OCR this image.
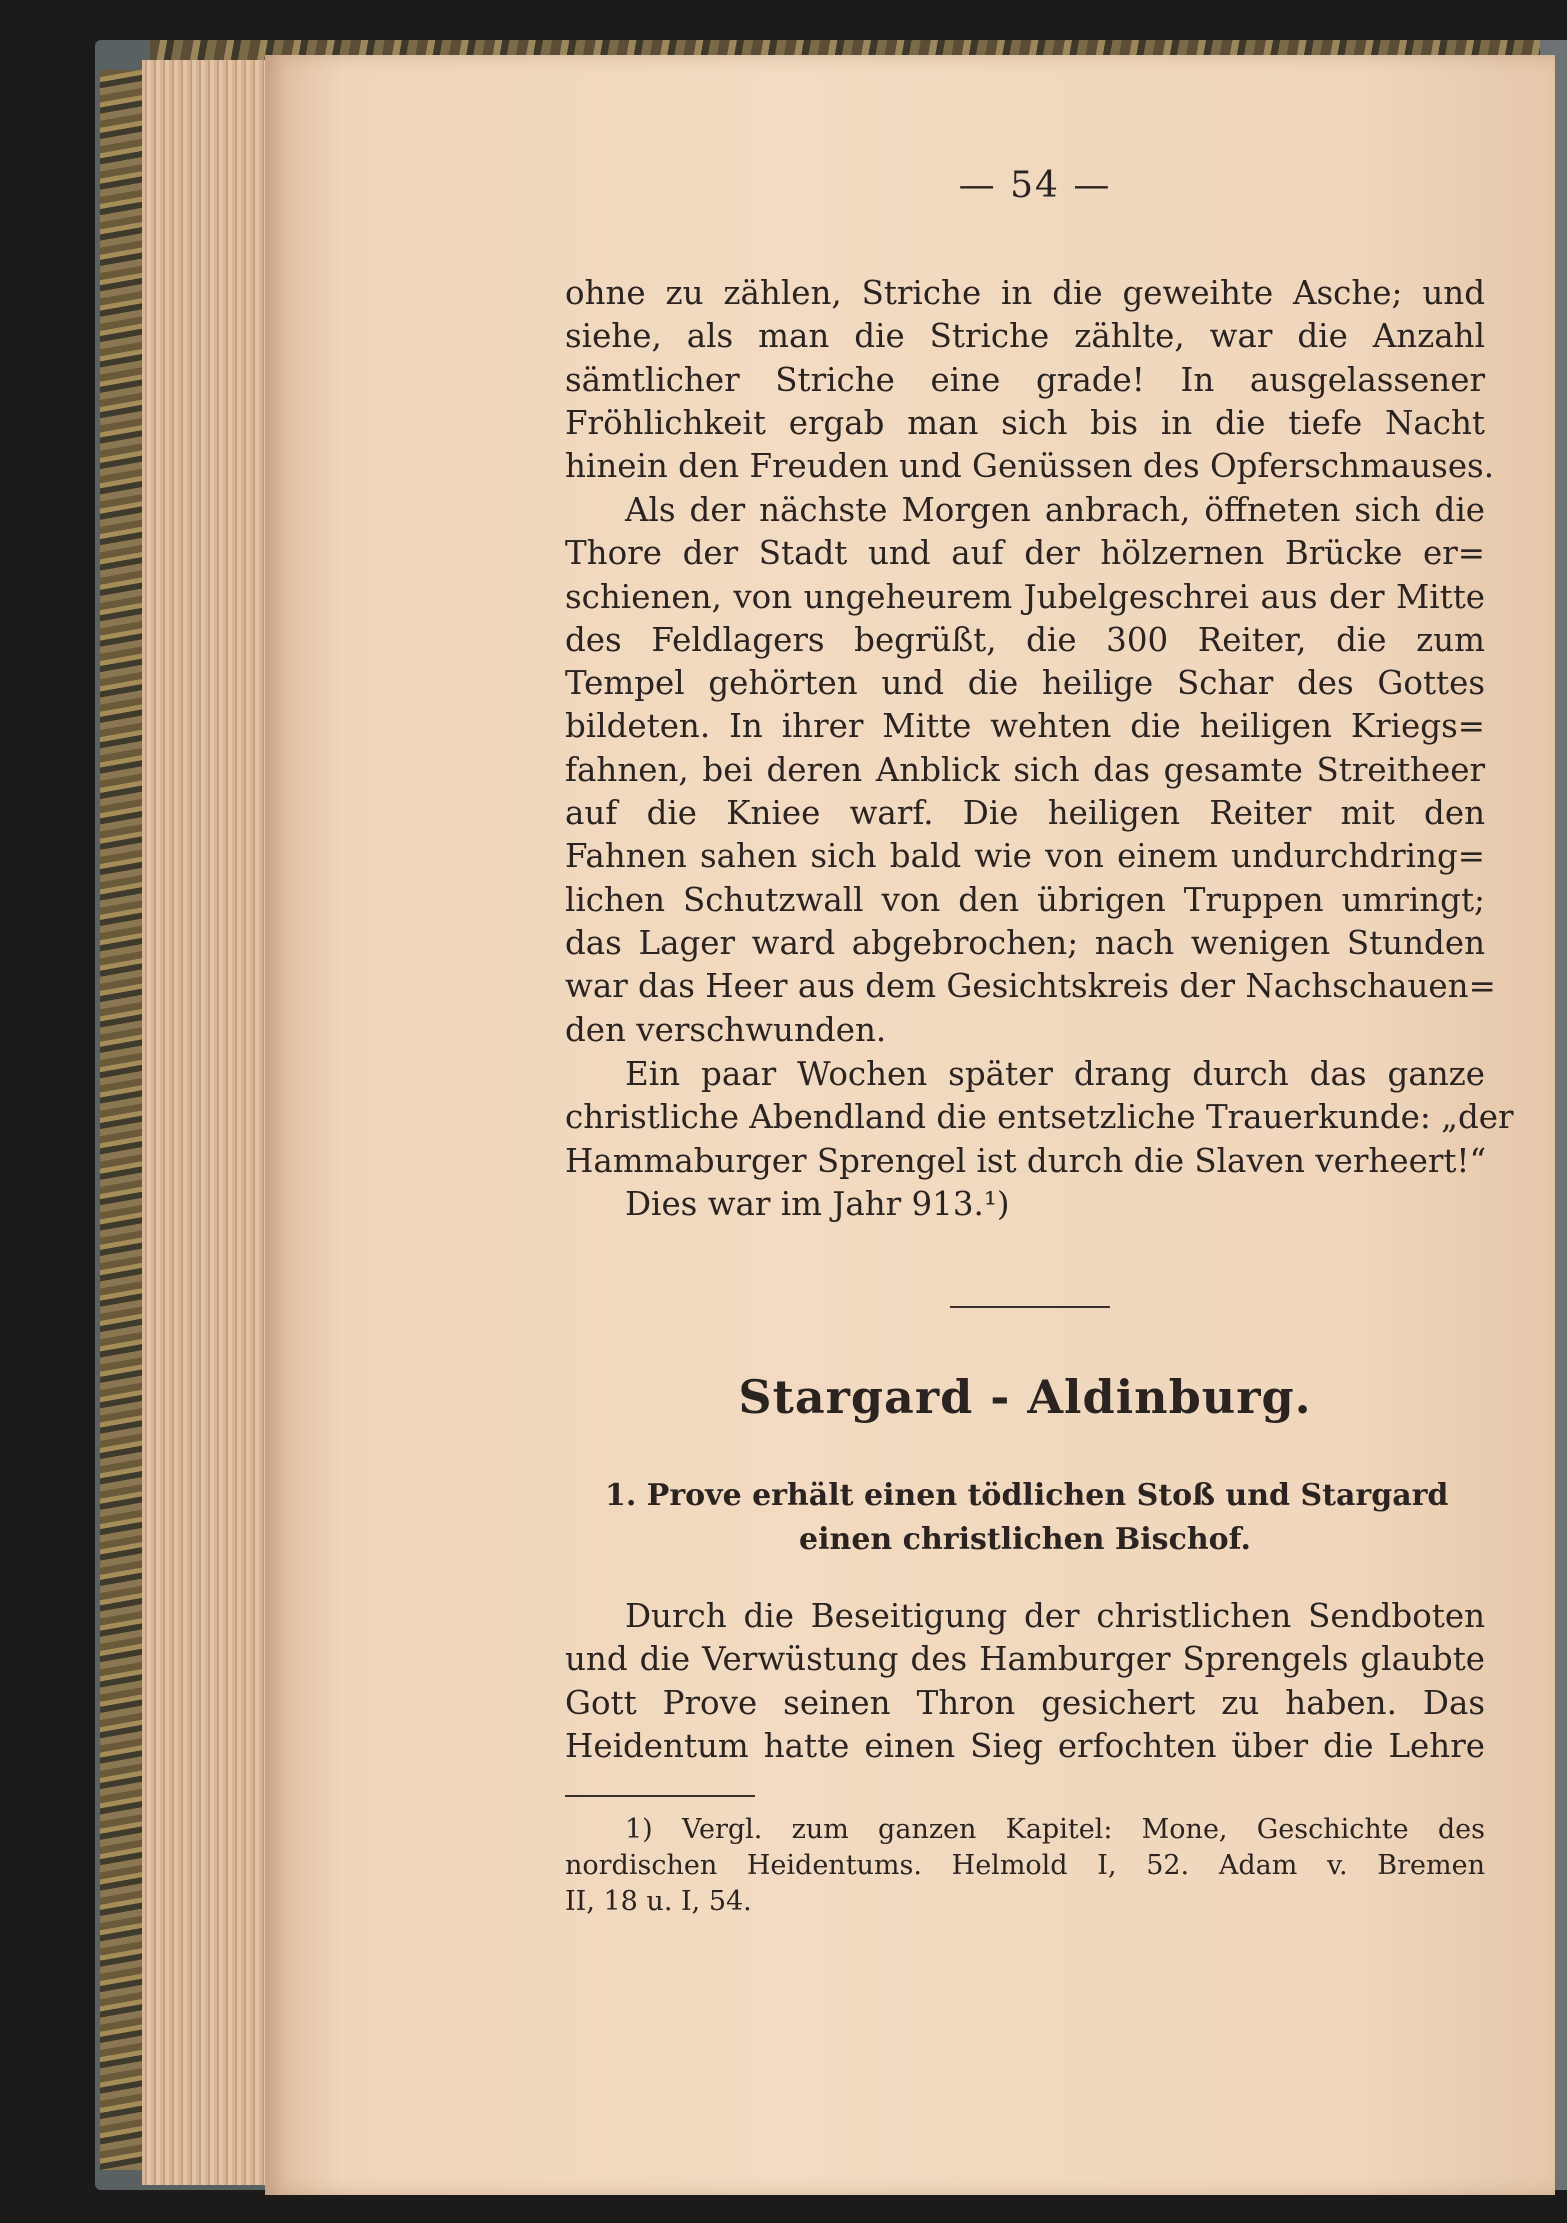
— 54 —

ohne zu zählen, Striche in die geweihte Asche; und
siehe, als man die Striche zählte, war die Anzahl
sämtlicher Striche eine grade! In ausgelassener
Fröhlichkeit ergab man sich bis in die tiefe Nacht
hinein den Freuden und Genüssen des Opferschmauses.

Als der nächste Morgen anbrach, öffneten sich die
Thore der Stadt und auf der hölzernen Brücke er=
schienen, von ungeheurem Jubelgeschrei aus der Mitte
des Feldlagers begrüßt, die 300 Reiter, die zum
Tempel gehörten und die heilige Schar des Gottes
bildeten. In ihrer Mitte wehten die heiligen Kriegs=
fahnen, bei deren Anblick sich das gesamte Streitheer
auf die Kniee warf. Die heiligen Reiter mit den
Fahnen sahen sich bald wie von einem undurchdring=
lichen Schutzwall von den übrigen Truppen umringt;
das Lager ward abgebrochen; nach wenigen Stunden
war das Heer aus dem Gesichtskreis der Nachschauen=
den verschwunden.

Ein paar Wochen später drang durch das ganze
christliche Abendland die entsetzliche Trauerkunde: „der
Hammaburger Sprengel ist durch die Slaven verheert!“

Dies war im Jahr 913.¹)

Stargard - Aldinburg.
1. Prove erhält einen tödlichen Stoß und Stargard
einen christlichen Bischof.

Durch die Beseitigung der christlichen Sendboten
und die Verwüstung des Hamburger Sprengels glaubte
Gott Prove seinen Thron gesichert zu haben. Das
Heidentum hatte einen Sieg erfochten über die Lehre

1) Vergl. zum ganzen Kapitel: Mone, Geschichte des
nordischen Heidentums. Helmold I, 52. Adam v. Bremen
II, 18 u. I, 54.
